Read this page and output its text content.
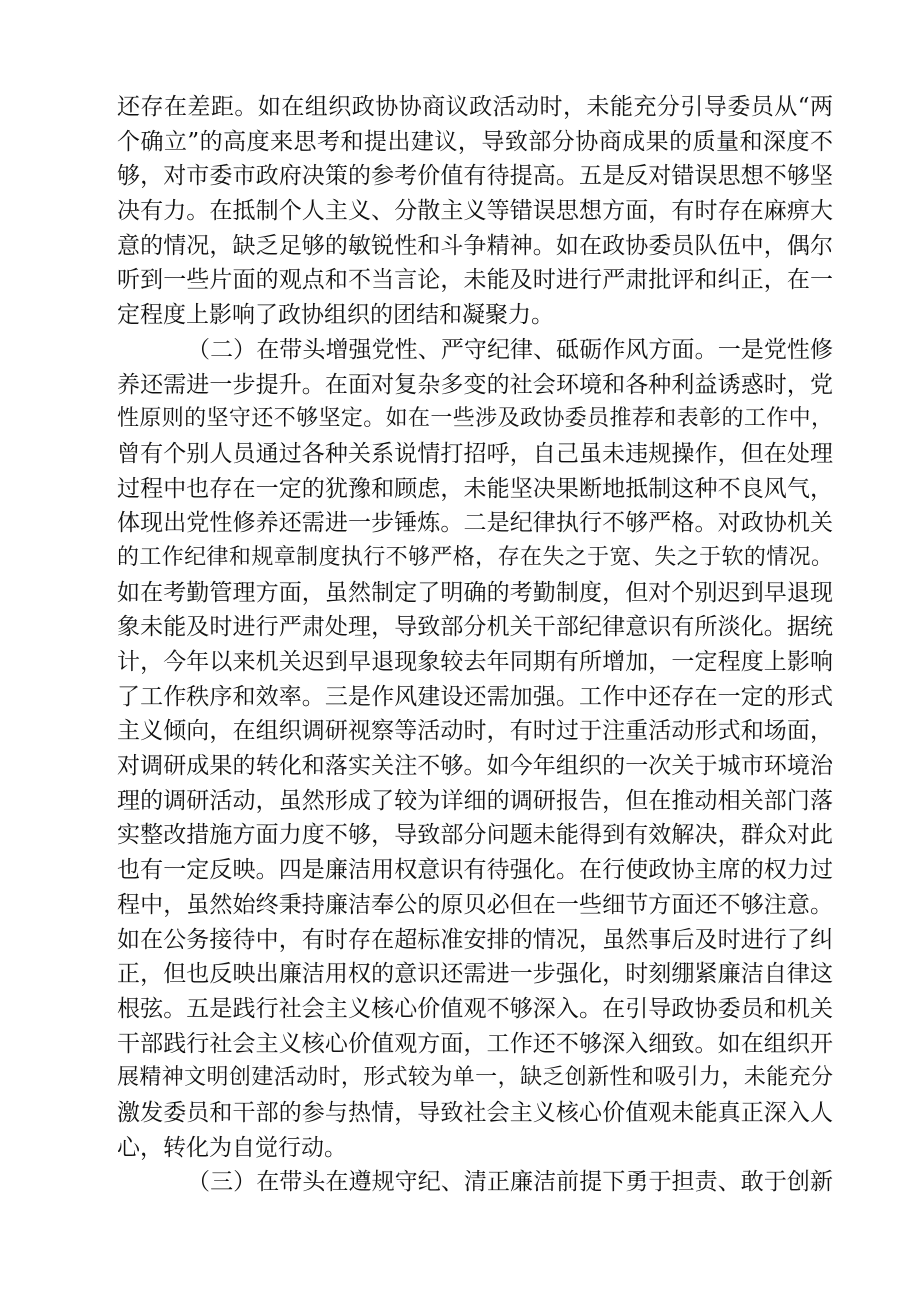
还存在差距。如在组织政协协商议政活动时，未能充分引导委员从“两
个确立”的高度来思考和提出建议，导致部分协商成果的质量和深度不
够，对市委市政府决策的参考价值有待提高。五是反对错误思想不够坚
决有力。在抵制个人主义、分散主义等错误思想方面，有时存在麻痹大
意的情况，缺乏足够的敏锐性和斗争精神。如在政协委员队伍中，偶尔
听到一些片面的观点和不当言论，未能及时进行严肃批评和纠正，在一
定程度上影响了政协组织的团结和凝聚力。
（二）在带头增强党性、严守纪律、砥砺作风方面。一是党性修
养还需进一步提升。在面对复杂多变的社会环境和各种利益诱惑时，党
性原则的坚守还不够坚定。如在一些涉及政协委员推荐和表彰的工作中，
曾有个别人员通过各种关系说情打招呼，自己虽未违规操作，但在处理
过程中也存在一定的犹豫和顾虑，未能坚决果断地抵制这种不良风气，
体现出党性修养还需进一步锤炼。二是纪律执行不够严格。对政协机关
的工作纪律和规章制度执行不够严格，存在失之于宽、失之于软的情况。
如在考勤管理方面，虽然制定了明确的考勤制度，但对个别迟到早退现
象未能及时进行严肃处理，导致部分机关干部纪律意识有所淡化。据统
计，今年以来机关迟到早退现象较去年同期有所增加，一定程度上影响
了工作秩序和效率。三是作风建设还需加强。工作中还存在一定的形式
主义倾向，在组织调研视察等活动时，有时过于注重活动形式和场面，
对调研成果的转化和落实关注不够。如今年组织的一次关于城市环境治
理的调研活动，虽然形成了较为详细的调研报告，但在推动相关部门落
实整改措施方面力度不够，导致部分问题未能得到有效解决，群众对此
也有一定反映。四是廉洁用权意识有待强化。在行使政协主席的权力过
程中，虽然始终秉持廉洁奉公的原贝必但在一些细节方面还不够注意。
如在公务接待中，有时存在超标准安排的情况，虽然事后及时进行了纠
正，但也反映出廉洁用权的意识还需进一步强化，时刻绷紧廉洁自律这
根弦。五是践行社会主义核心价值观不够深入。在引导政协委员和机关
干部践行社会主义核心价值观方面，工作还不够深入细致。如在组织开
展精神文明创建活动时，形式较为单一，缺乏创新性和吸引力，未能充分
激发委员和干部的参与热情，导致社会主义核心价值观未能真正深入人
心，转化为自觉行动。
（三）在带头在遵规守纪、清正廉洁前提下勇于担责、敢于创新
